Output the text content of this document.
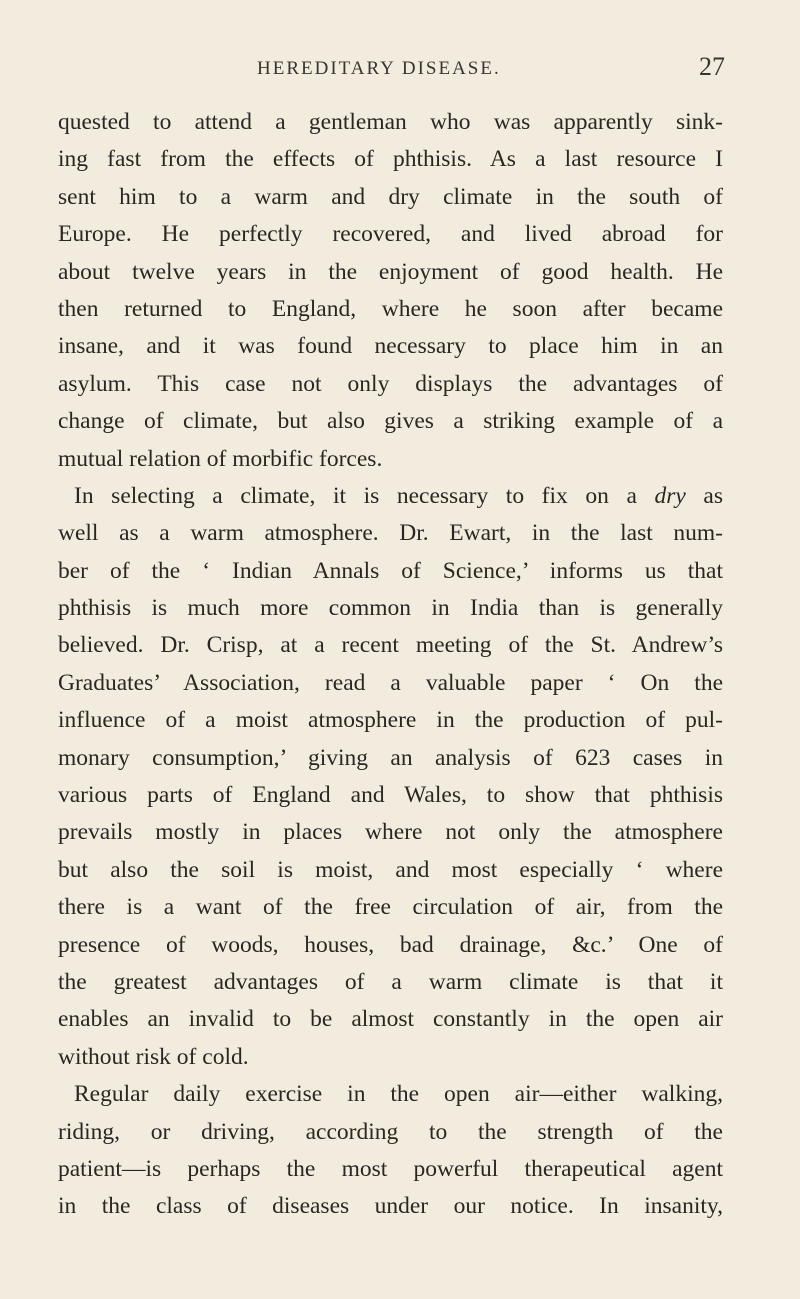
HEREDITARY DISEASE.	27
quested to attend a gentleman who was apparently sink-
ing fast from the effects of phthisis. As a last resource I
sent him to a warm and dry climate in the south of
Europe. He perfectly recovered, and lived abroad for
about twelve years in the enjoyment of good health. He
then returned to England, where he soon after became
insane, and it was found necessary to place him in an
asylum. This case not only displays the advantages of
change of climate, but also gives a striking example of a
mutual relation of morbific forces.
In selecting a climate, it is necessary to fix on a dry as
well as a warm atmosphere. Dr. Ewart, in the last num-
ber of the ‘ Indian Annals of Science,’ informs us that
phthisis is much more common in India than is generally
believed. Dr. Crisp, at a recent meeting of the St. Andrew’s
Graduates’ Association, read a valuable paper ‘ On the
influence of a moist atmosphere in the production of pul-
monary consumption,’ giving an analysis of 623 cases in
various parts of England and Wales, to show that phthisis
prevails mostly in places where not only the atmosphere
but also the soil is moist, and most especially ‘ where
there is a want of the free circulation of air, from the
presence of woods, houses, bad drainage, &c.’ One of
the greatest advantages of a warm climate is that it
enables an invalid to be almost constantly in the open air
without risk of cold.
Regular daily exercise in the open air—either walking,
riding, or driving, according to the strength of the
patient—is perhaps the most powerful therapeutical agent
in the class of diseases under our notice. In insanity,
